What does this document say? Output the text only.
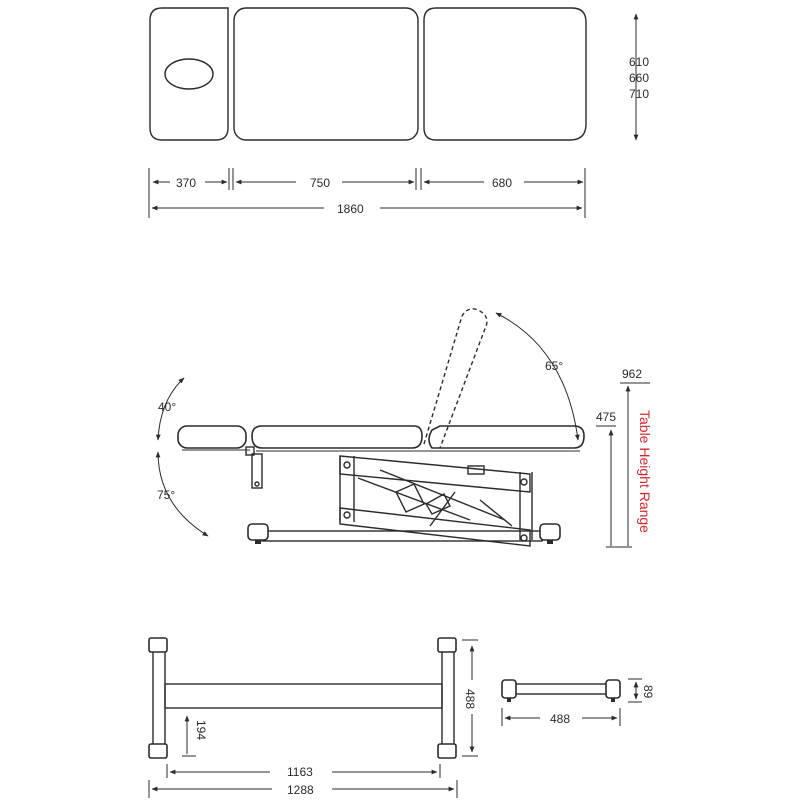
610
660
710
370	750	680
1860
40°
75°
65°
962
475 Table Height Range
488
194
1163
1288
89
488
